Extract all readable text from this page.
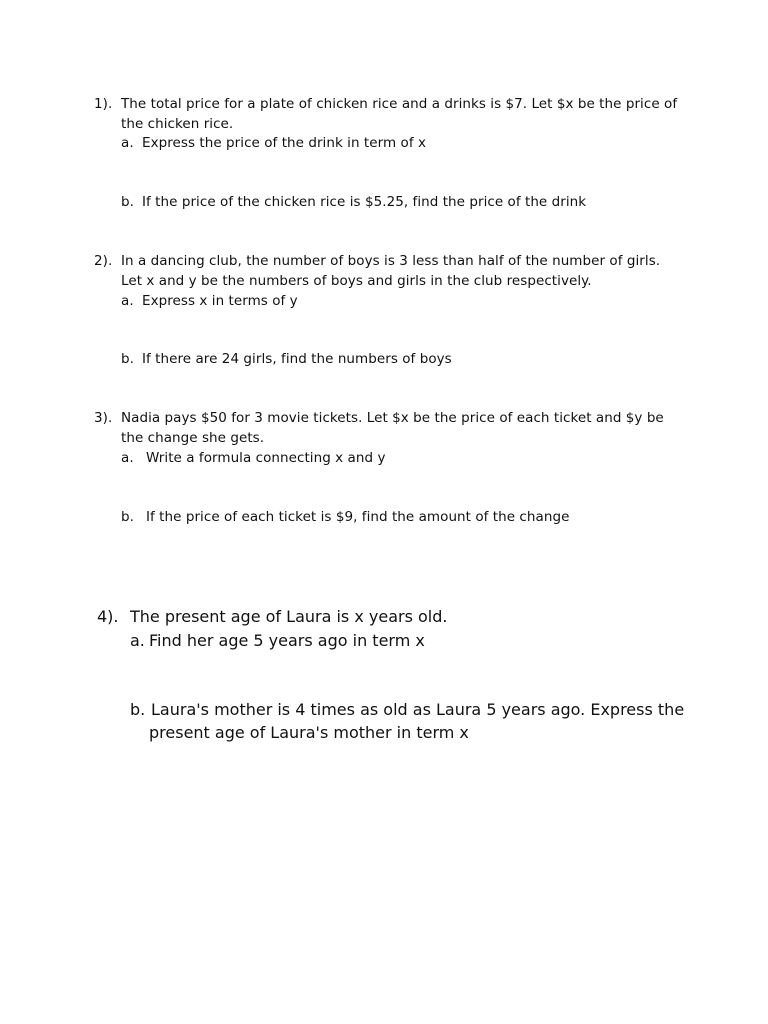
1). The total price for a plate of chicken rice and a drinks is $7. Let $x be the price of
the chicken rice.
a. Express the price of the drink in term of x
b. If the price of the chicken rice is $5.25, find the price of the drink
2). In a dancing club, the number of boys is 3 less than half of the number of girls.
Let x and y be the numbers of boys and girls in the club respectively.
a. Express x in terms of y
b. If there are 24 girls, find the numbers of boys
3). Nadia pays $50 for 3 movie tickets. Let $x be the price of each ticket and $y be
the change she gets.
a. Write a formula connecting x and y
b. If the price of each ticket is $9, find the amount of the change
4). The present age of Laura is x years old.
a. Find her age 5 years ago in term x
b. Laura's mother is 4 times as old as Laura 5 years ago. Express the
present age of Laura's mother in term x
